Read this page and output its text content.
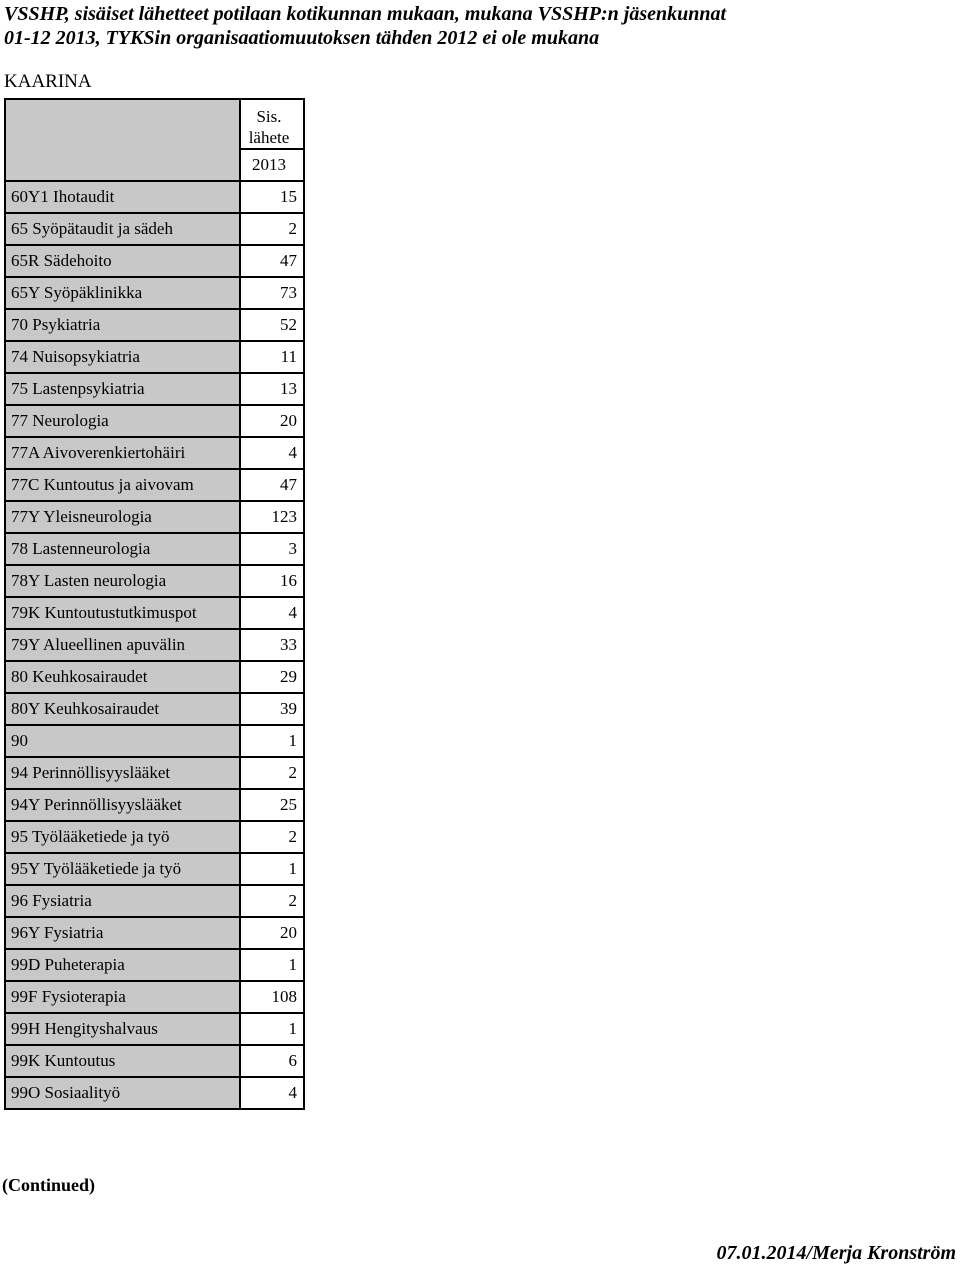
VSSHP, sisäiset lähetteet potilaan kotikunnan mukaan, mukana VSSHP:n jäsenkunnat
01-12 2013, TYKSin organisaatiomuutoksen tähden 2012 ei ole mukana
KAARINA

	Sis.
lähete

	2013
60Y1 Ihotaudit	15
65 Syöpätaudit ja sädeh	2
65R Sädehoito	47
65Y Syöpäklinikka	73
70 Psykiatria	52
74 Nuisopsykiatria	11
75 Lastenpsykiatria	13
77 Neurologia	20
77A Aivoverenkiertohäiri	4
77C Kuntoutus ja aivovam	47
77Y Yleisneurologia	123
78 Lastenneurologia	3
78Y Lasten neurologia	16
79K Kuntoutustutkimuspot	4
79Y Alueellinen apuvälin	33
80 Keuhkosairaudet	29
80Y Keuhkosairaudet	39
90	1
94 Perinnöllisyyslääket	2
94Y Perinnöllisyyslääket	25
95 Työlääketiede ja työ	2
95Y Työlääketiede ja työ	1
96 Fysiatria	2
96Y Fysiatria	20
99D Puheterapia	1
99F Fysioterapia	108
99H Hengityshalvaus	1
99K Kuntoutus	6
99O Sosiaalityö	4
(Continued)
07.01.2014/Merja Kronström
